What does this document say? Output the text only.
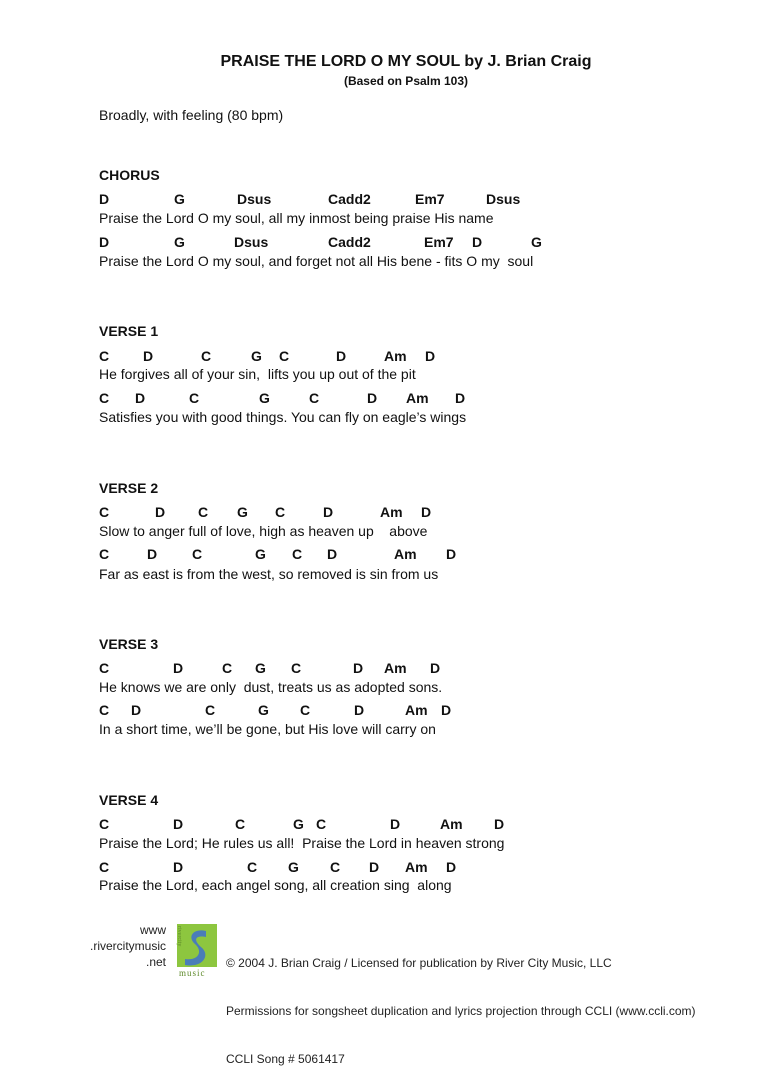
PRAISE THE LORD O MY SOUL by J. Brian Craig
(Based on Psalm 103)
Broadly, with feeling (80 bpm)
CHORUS
D	G	Dsus	Cadd2	Em7	Dsus
Praise the Lord O my soul, all my inmost being praise His name
D	G	Dsus	Cadd2	Em7 D	G
Praise the Lord O my soul, and forget not all His bene - fits O my  soul
VERSE 1
C D	C	G C	D	Am D
He forgives all of your sin,  lifts you up out of the pit
C D	C	G	C	D Am D
Satisfies you with good things. You can fly on eagle’s wings
VERSE 2
C	D C G C	D	Am D
Slow to anger full of love, high as heaven up    above
C	D C	G C D	Am D
Far as east is from the west, so removed is sin from us
VERSE 3
C	D	C G C	D Am D
He knows we are only  dust, treats us as adopted sons.
C D	C	G C	D	Am D
In a short time, we’ll be gone, but His love will carry on
VERSE 4
C	D	C	G C	D	Am D
Praise the Lord; He rules us all!  Praise the Lord in heaven strong
C	D	C G C D Am D
Praise the Lord, each angel song, all creation sing  along
www
.rivercitymusic
.net
rivercity
music

© 2004 J. Brian Craig / Licensed for publication by River City Music, LLC

Permissions for songsheet duplication and lyrics projection through CCLI (www.ccli.com)

CCLI Song # 5061417
